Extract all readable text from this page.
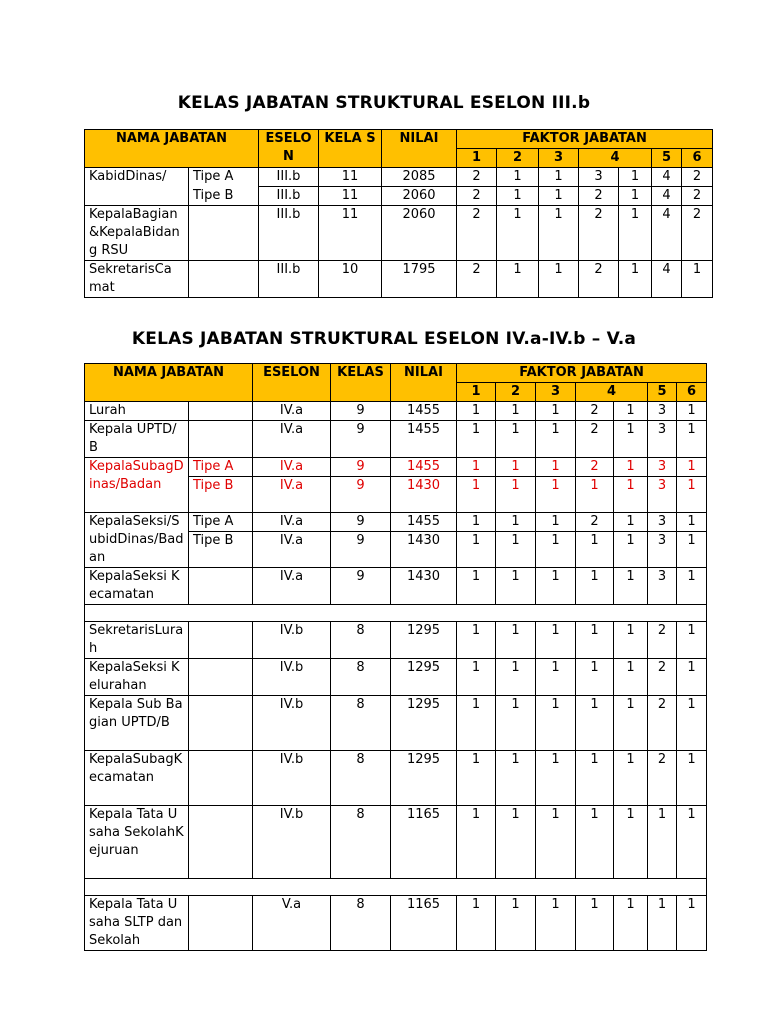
KELAS JABATAN STRUKTURAL ESELON III.b
NAMA JABATAN		ESELO N	KELA S	NILAI	FAKTOR JABATAN						
					1	2	3	4		5	6
KabidDinas/	Tipe A	III.b	11	2085	2	1	1	3	1	4	2
	Tipe B	III.b	11	2060	2	1	1	2	1	4	2
KepalaBagian&KepalaBidang RSU		III.b	11	2060	2	1	1	2	1	4	2
SekretarisCamat		III.b	10	1795	2	1	1	2	1	4	1
KELAS JABATAN STRUKTURAL ESELON IV.a-IV.b – V.a
NAMA JABATAN		ESELON	KELAS	NILAI	FAKTOR JABATAN						
					1	2	3	4		5	6
Lurah		IV.a	9	1455	1	1	1	2	1	3	1
Kepala UPTD/B		IV.a	9	1455	1	1	1	2	1	3	1
KepalaSubagDinas/Badan	Tipe A	IV.a	9	1455	1	1	1	2	1	3	1
	Tipe B	IV.a	9	1430	1	1	1	1	1	3	1
KepalaSeksi/SubidDinas/Badan	Tipe A	IV.a	9	1455	1	1	1	2	1	3	1
	Tipe B	IV.a	9	1430	1	1	1	1	1	3	1
KepalaSeksi Kecamatan		IV.a	9	1430	1	1	1	1	1	3	1

SekretarisLurah		IV.b	8	1295	1	1	1	1	1	2	1
KepalaSeksi Kelurahan		IV.b	8	1295	1	1	1	1	1	2	1
Kepala Sub Bagian UPTD/B		IV.b	8	1295	1	1	1	1	1	2	1
KepalaSubagKecamatan		IV.b	8	1295	1	1	1	1	1	2	1
Kepala Tata Usaha SekolahKejuruan		IV.b	8	1165	1	1	1	1	1	1	1

Kepala Tata Usaha SLTP danSekolah		V.a	8	1165	1	1	1	1	1	1	1
